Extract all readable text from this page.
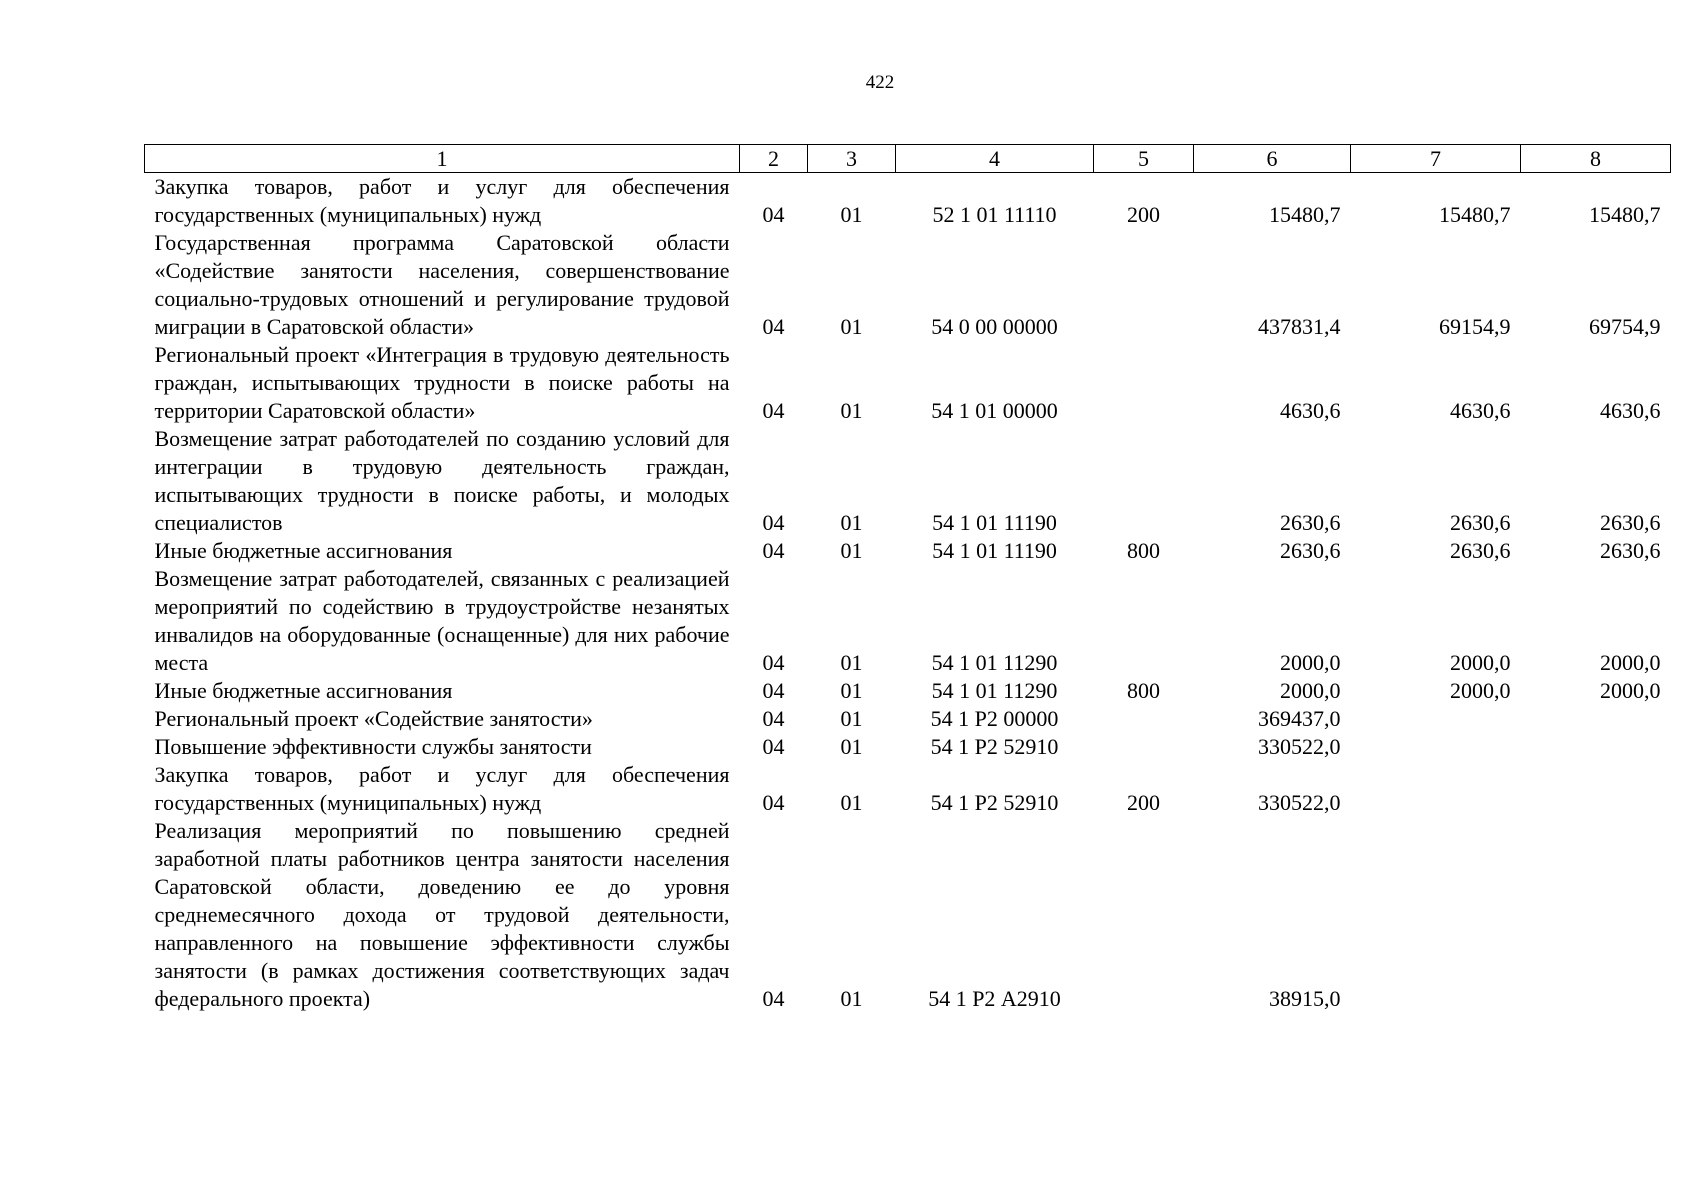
422
1	2	3	4	5	6	7	8
Закупка товаров, работ и услуг для обеспечения государственных (муниципальных) нужд	04	01	52 1 01 11110	200	15480,7	15480,7	15480,7
Государственная программа Саратовской области «Содействие занятости населения, совершенствование социально-трудовых отношений и регулирование трудовой миграции в Саратовской области»	04	01	54 0 00 00000		437831,4	69154,9	69754,9
Региональный проект «Интеграция в трудовую деятельность граждан, испытывающих трудности в поиске работы на территории Саратовской области»	04	01	54 1 01 00000		4630,6	4630,6	4630,6
Возмещение затрат работодателей по созданию условий для интеграции в трудовую деятельность граждан, испытывающих трудности в поиске работы, и молодых специалистов	04	01	54 1 01 11190		2630,6	2630,6	2630,6
Иные бюджетные ассигнования	04	01	54 1 01 11190	800	2630,6	2630,6	2630,6
Возмещение затрат работодателей, связанных с реализацией мероприятий по содействию в трудоустройстве незанятых инвалидов на оборудованные (оснащенные) для них рабочие места	04	01	54 1 01 11290		2000,0	2000,0	2000,0
Иные бюджетные ассигнования	04	01	54 1 01 11290	800	2000,0	2000,0	2000,0
Региональный проект «Содействие занятости»	04	01	54 1 Р2 00000		369437,0		
Повышение эффективности службы занятости	04	01	54 1 Р2 52910		330522,0		
Закупка товаров, работ и услуг для обеспечения государственных (муниципальных) нужд	04	01	54 1 Р2 52910	200	330522,0		
Реализация мероприятий по повышению средней заработной платы работников центра занятости населения Саратовской области, доведению ее до уровня среднемесячного дохода от трудовой деятельности, направленного на повышение эффективности службы занятости (в рамках достижения соответствующих задач федерального проекта)	04	01	54 1 Р2 А2910		38915,0		
